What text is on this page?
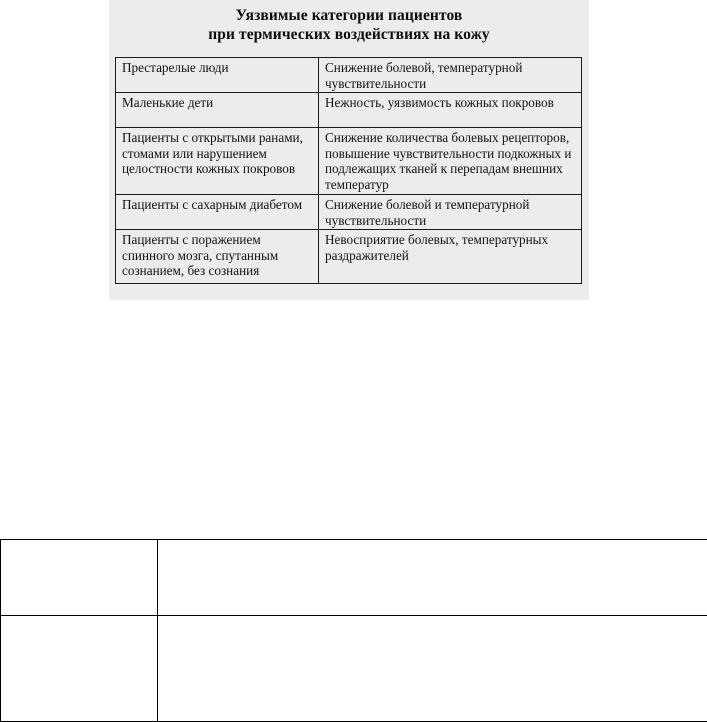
Уязвимые категории пациентов
при термических воздействиях на кожу
Престарелые люди	Снижение болевой, температурной чувствительности
Маленькие дети	Нежность, уязвимость кожных покровов
Пациенты с открытыми ранами, стомами или нарушением целостности кожных покровов	Снижение количества болевых рецепторов, повышение чувствительности подкожных и подлежащих тканей к перепадам внешних температур
Пациенты с сахарным диабетом	Снижение болевой и температурной чувствительности
Пациенты с поражением спинного мозга, спутанным сознанием, без сознания	Невосприятие болевых, температурных раздражителей
